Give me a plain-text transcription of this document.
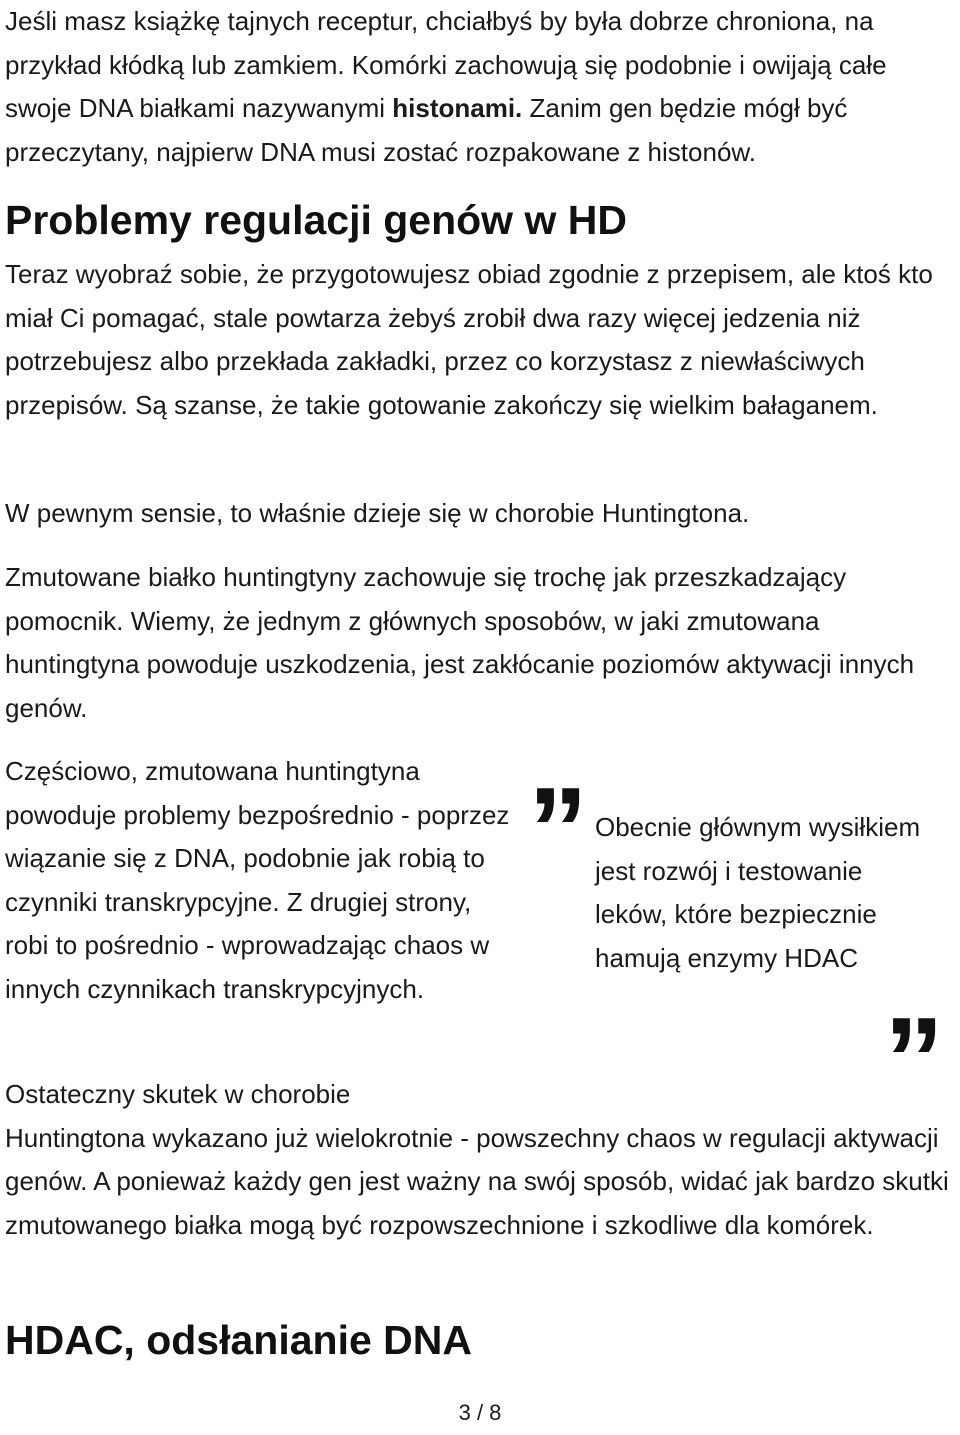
Jeśli masz książkę tajnych receptur, chciałbyś by była dobrze chroniona, na przykład kłódką lub zamkiem. Komórki zachowują się podobnie i owijają całe swoje DNA białkami nazywanymi histonami. Zanim gen będzie mógł być przeczytany, najpierw DNA musi zostać rozpakowane z histonów.

Problemy regulacji genów w HD

Teraz wyobraź sobie, że przygotowujesz obiad zgodnie z przepisem, ale ktoś kto miał Ci pomagać, stale powtarza żebyś zrobił dwa razy więcej jedzenia niż potrzebujesz albo przekłada zakładki, przez co korzystasz z niewłaściwych przepisów. Są szanse, że takie gotowanie zakończy się wielkim bałaganem.

W pewnym sensie, to właśnie dzieje się w chorobie Huntingtona.

Zmutowane białko huntingtyny zachowuje się trochę jak przeszkadzający pomocnik. Wiemy, że jednym z głównych sposobów, w jaki zmutowana huntingtyna powoduje uszkodzenia, jest zakłócanie poziomów aktywacji innych genów.

Częściowo, zmutowana huntingtyna powoduje problemy bezpośrednio - poprzez wiązanie się z DNA, podobnie jak robią to czynniki transkrypcyjne. Z drugiej strony, robi to pośrednio - wprowadzając chaos w innych czynnikach transkrypcyjnych.

” Obecnie głównym wysiłkiem jest rozwój i testowanie leków, które bezpiecznie hamują enzymy HDAC

”
Ostateczny skutek w chorobie
Huntingtona wykazano już wielokrotnie - powszechny chaos w regulacji aktywacji genów. A ponieważ każdy gen jest ważny na swój sposób, widać jak bardzo skutki zmutowanego białka mogą być rozpowszechnione i szkodliwe dla komórek.
HDAC, odsłanianie DNA
3 / 8
